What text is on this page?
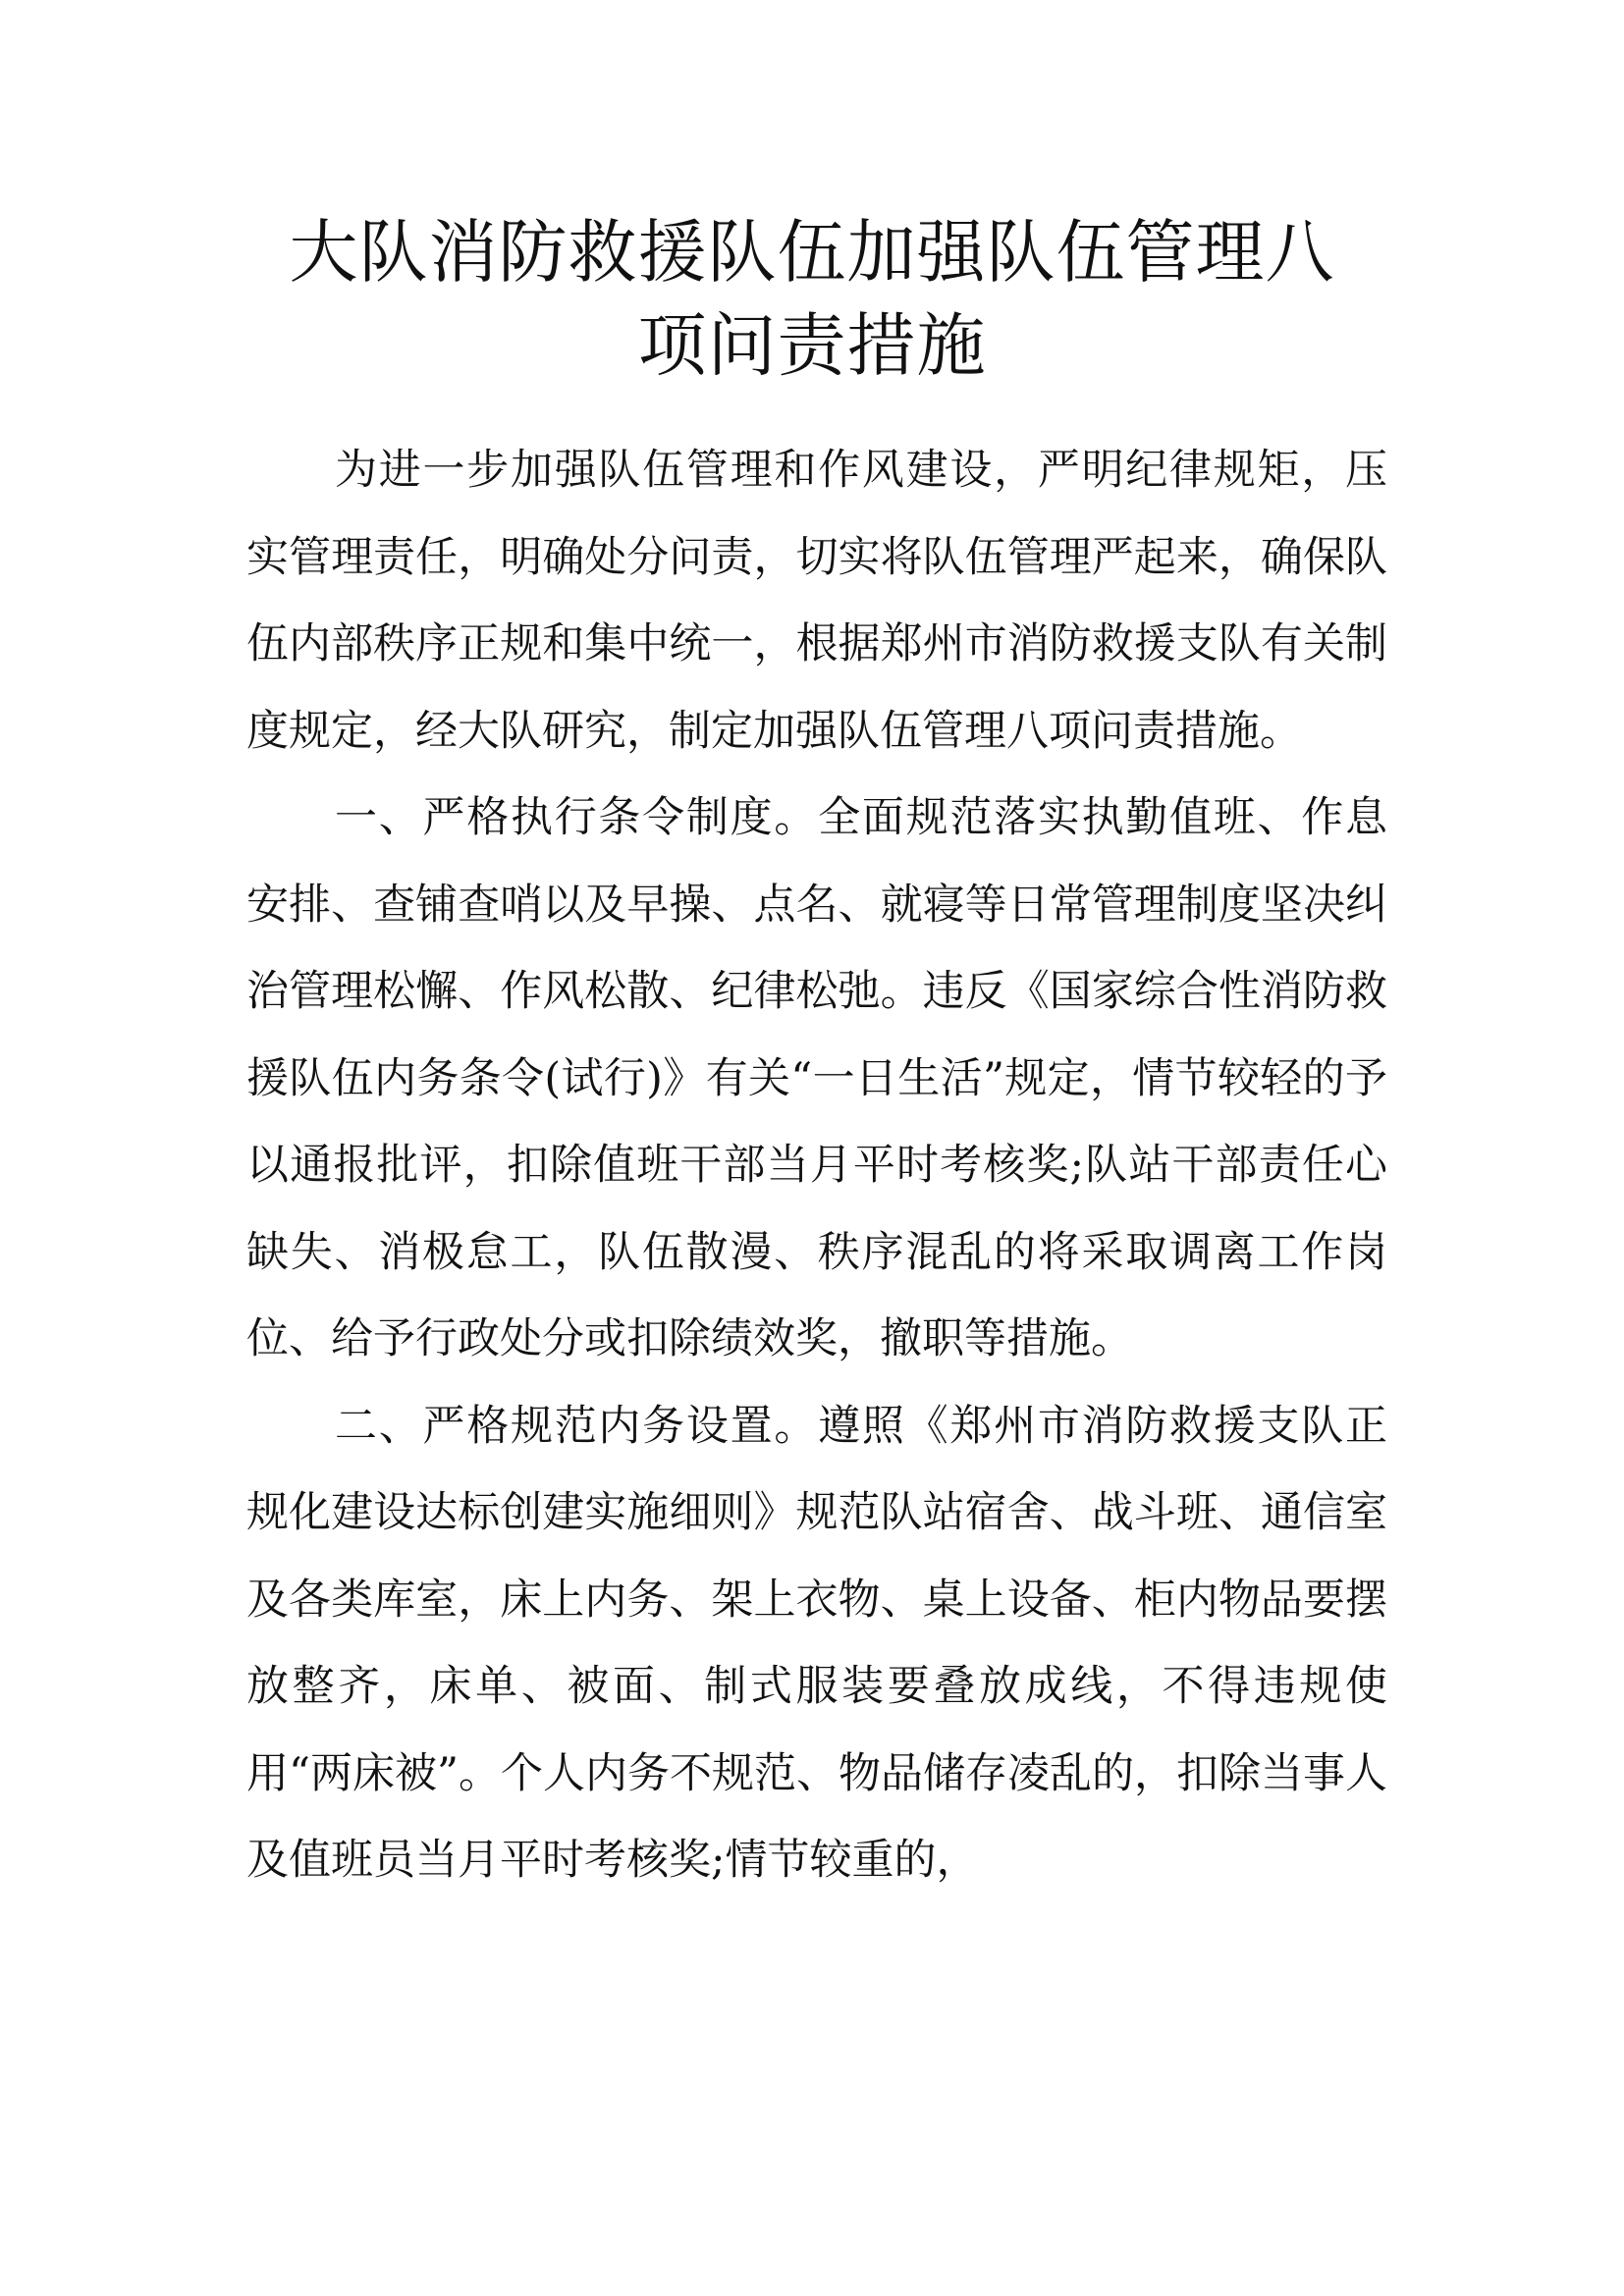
大队消防救援队伍加强队伍管理八
项问责措施

为进一步加强队伍管理和作风建设，严明纪律规矩，压实管理责任，明确处分问责，切实将队伍管理严起来，确保队伍内部秩序正规和集中统一，根据郑州市消防救援支队有关制度规定，经大队研究，制定加强队伍管理八项问责措施。

一、严格执行条令制度。全面规范落实执勤值班、作息安排、查铺查哨以及早操、点名、就寝等日常管理制度坚决纠治管理松懈、作风松散、纪律松弛。违反《国家综合性消防救援队伍内务条令(试行)》有关“一日生活”规定，情节较轻的予以通报批评，扣除值班干部当月平时考核奖;队站干部责任心缺失、消极怠工，队伍散漫、秩序混乱的将采取调离工作岗位、给予行政处分或扣除绩效奖，撤职等措施。

二、严格规范内务设置。遵照《郑州市消防救援支队正规化建设达标创建实施细则》规范队站宿舍、战斗班、通信室及各类库室，床上内务、架上衣物、桌上设备、柜内物品要摆放整齐，床单、被面、制式服装要叠放成线，不得违规使用“两床被”。个人内务不规范、物品储存凌乱的，扣除当事人及值班员当月平时考核奖;情节较重的，
